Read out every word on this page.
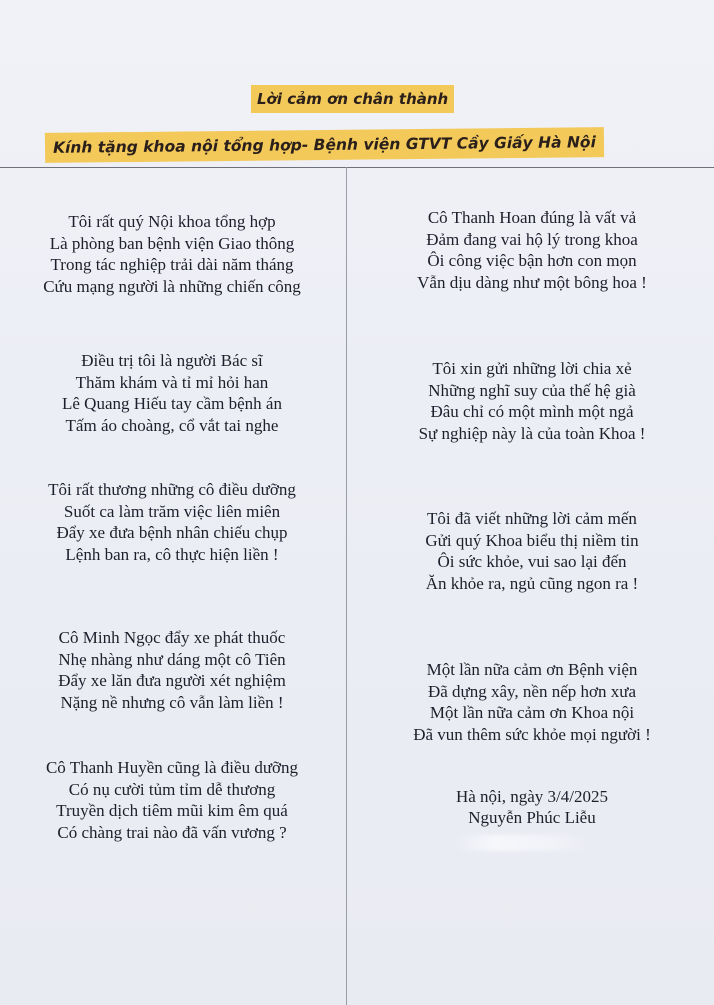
Lời cảm ơn chân thành
Kính tặng khoa nội tổng hợp- Bệnh viện GTVT Cầy Giấy Hà Nội
Tôi rất quý Nội khoa tổng hợp
Là phòng ban bệnh viện Giao thông
Trong tác nghiệp trải dài năm tháng
Cứu mạng người là những chiến công
Điều trị tôi là người Bác sĩ
Thăm khám và tỉ mỉ hỏi han
Lê Quang Hiếu tay cầm bệnh án
Tấm áo choàng, cổ vắt tai nghe
Tôi rất thương những cô điều dưỡng
Suốt ca làm trăm việc liên miên
Đẩy xe đưa bệnh nhân chiếu chụp
Lệnh ban ra, cô thực hiện liền !
Cô Minh Ngọc đẩy xe phát thuốc
Nhẹ nhàng như dáng một cô Tiên
Đẩy xe lăn đưa người xét nghiệm
Nặng nề nhưng cô vẫn làm liền !
Cô Thanh Huyền cũng là điều dưỡng
Có nụ cười tủm tỉm dễ thương
Truyền dịch tiêm mũi kim êm quá
Có chàng trai nào đã vấn vương ?
Cô Thanh Hoan đúng là vất vả
Đảm đang vai hộ lý trong khoa
Ôi công việc bận hơn con mọn
Vẫn dịu dàng như một bông hoa !
Tôi xin gửi những lời chia xẻ
Những nghĩ suy của thế hệ già
Đâu chỉ có một mình một ngả
Sự nghiệp này là của toàn Khoa !
Tôi đã viết những lời cảm mến
Gửi quý Khoa biểu thị niềm tin
Ôi sức khỏe, vui sao lại đến
Ăn khỏe ra, ngủ cũng ngon ra !
Một lần nữa cảm ơn Bệnh viện
Đã dựng xây, nền nếp hơn xưa
Một lần nữa cảm ơn Khoa nội
Đã vun thêm sức khỏe mọi người !
Hà nội, ngày 3/4/2025
Nguyễn Phúc Liễu
